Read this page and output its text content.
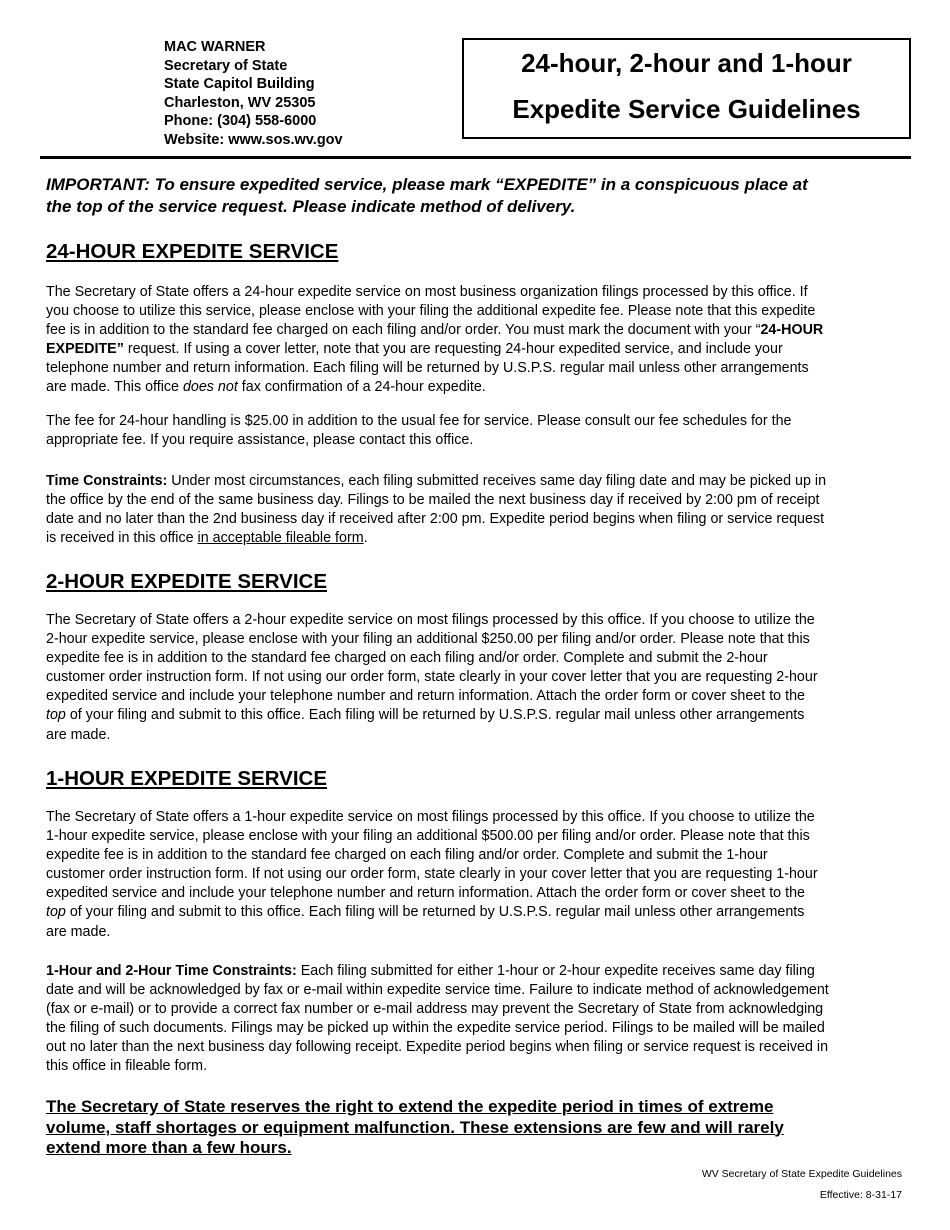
MAC WARNER
Secretary of State
State Capitol Building
Charleston, WV 25305
Phone: (304) 558-6000
Website: www.sos.wv.gov
24-hour, 2-hour and 1-hour
Expedite Service Guidelines
IMPORTANT: To ensure expedited service, please mark “EXPEDITE” in a conspicuous place at
the top of the service request. Please indicate method of delivery.
24-HOUR EXPEDITE SERVICE
The Secretary of State offers a 24-hour expedite service on most business organization filings processed by this office. If
you choose to utilize this service, please enclose with your filing the additional expedite fee. Please note that this expedite
fee is in addition to the standard fee charged on each filing and/or order. You must mark the document with your “24-HOUR
EXPEDITE” request. If using a cover letter, note that you are requesting 24-hour expedited service, and include your
telephone number and return information. Each filing will be returned by U.S.P.S. regular mail unless other arrangements
are made. This office does not fax confirmation of a 24-hour expedite.
The fee for 24-hour handling is $25.00 in addition to the usual fee for service. Please consult our fee schedules for the
appropriate fee. If you require assistance, please contact this office.
Time Constraints: Under most circumstances, each filing submitted receives same day filing date and may be picked up in
the office by the end of the same business day. Filings to be mailed the next business day if received by 2:00 pm of receipt
date and no later than the 2nd business day if received after 2:00 pm. Expedite period begins when filing or service request
is received in this office in acceptable fileable form.
2-HOUR EXPEDITE SERVICE
The Secretary of State offers a 2-hour expedite service on most filings processed by this office. If you choose to utilize the
2-hour expedite service, please enclose with your filing an additional $250.00 per filing and/or order. Please note that this
expedite fee is in addition to the standard fee charged on each filing and/or order. Complete and submit the 2-hour
customer order instruction form. If not using our order form, state clearly in your cover letter that you are requesting 2-hour
expedited service and include your telephone number and return information. Attach the order form or cover sheet to the
top of your filing and submit to this office. Each filing will be returned by U.S.P.S. regular mail unless other arrangements
are made.
1-HOUR EXPEDITE SERVICE
The Secretary of State offers a 1-hour expedite service on most filings processed by this office. If you choose to utilize the
1-hour expedite service, please enclose with your filing an additional $500.00 per filing and/or order. Please note that this
expedite fee is in addition to the standard fee charged on each filing and/or order. Complete and submit the 1-hour
customer order instruction form. If not using our order form, state clearly in your cover letter that you are requesting 1-hour
expedited service and include your telephone number and return information. Attach the order form or cover sheet to the
top of your filing and submit to this office. Each filing will be returned by U.S.P.S. regular mail unless other arrangements
are made.
1-Hour and 2-Hour Time Constraints: Each filing submitted for either 1-hour or 2-hour expedite receives same day filing
date and will be acknowledged by fax or e-mail within expedite service time. Failure to indicate method of acknowledgement
(fax or e-mail) or to provide a correct fax number or e-mail address may prevent the Secretary of State from acknowledging
the filing of such documents. Filings may be picked up within the expedite service period. Filings to be mailed will be mailed
out no later than the next business day following receipt. Expedite period begins when filing or service request is received in
this office in fileable form.
The Secretary of State reserves the right to extend the expedite period in times of extreme
volume, staff shortages or equipment malfunction. These extensions are few and will rarely
extend more than a few hours.
WV Secretary of State Expedite Guidelines
Effective: 8-31-17
